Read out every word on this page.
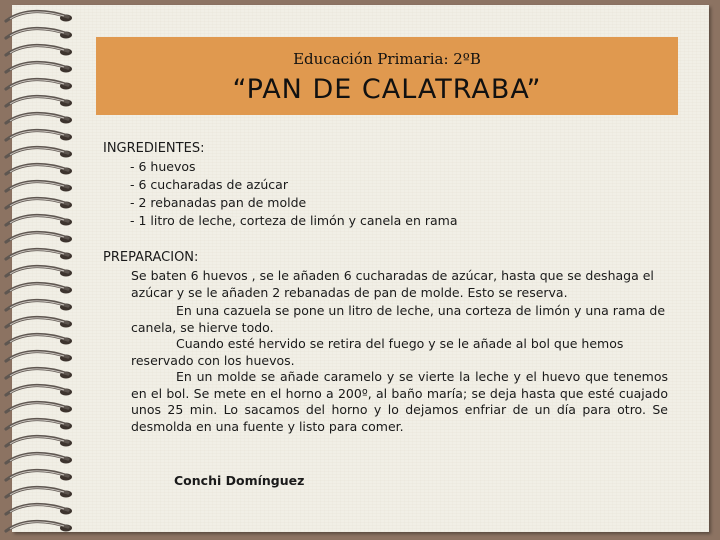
Educación Primaria: 2ºB
“PAN DE CALATRABA”
INGREDIENTES:
- 6 huevos
- 6 cucharadas de azúcar
- 2 rebanadas pan de molde
- 1 litro de leche, corteza de limón y canela en rama
PREPARACION:
Se baten 6 huevos , se le añaden 6 cucharadas de azúcar, hasta que se deshaga el azúcar y se le añaden 2 rebanadas de pan de molde. Esto se reserva.
En una cazuela se pone un litro de leche, una corteza de limón y una rama de canela, se hierve todo.
Cuando esté hervido se retira del fuego y se le añade al bol que hemos reservado con los huevos.
En un molde se añade caramelo y se vierte la leche y el huevo que tenemos en el bol. Se mete en el horno a 200º, al baño maría; se deja hasta que esté cuajado unos 25 min. Lo sacamos del horno y lo dejamos enfriar de un día para otro. Se desmolda en una fuente y listo para comer.
Conchi Domínguez
